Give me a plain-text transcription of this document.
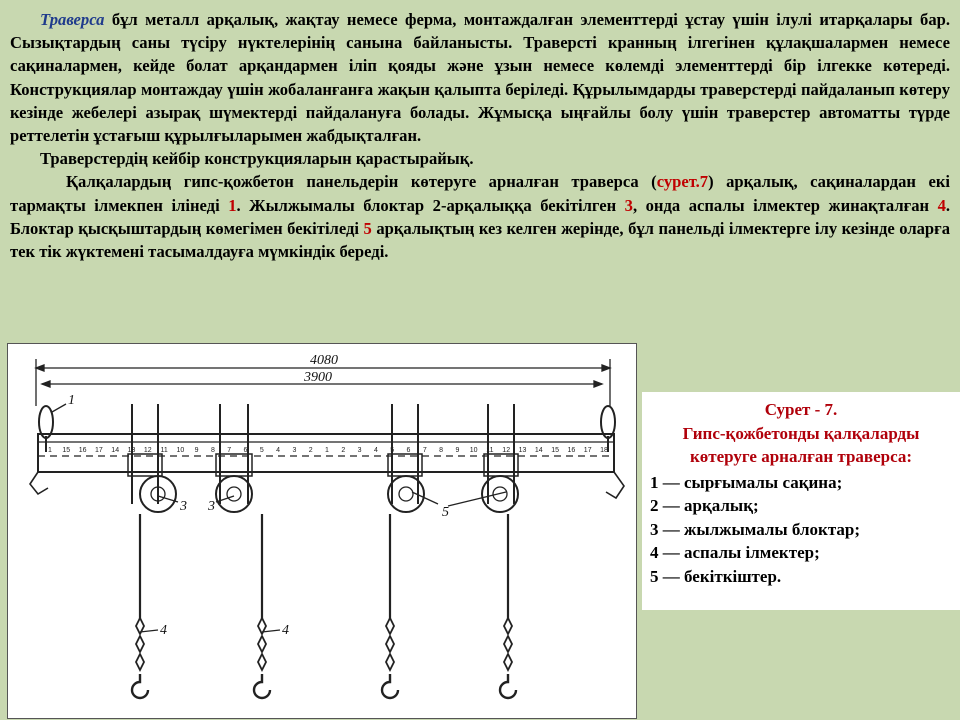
Траверса бұл металл арқалық, жақтау немесе ферма, монтаждалған элементтерді ұстау үшін ілулі итарқалары бар. Сызықтардың саны түсіру нүктелерінің санына байланысты. Траверсті кранның ілгегінен құлақшалармен немесе сақиналармен, кейде болат арқандармен іліп қояды және ұзын немесе көлемді элементтерді бір ілгекке көтереді. Конструкциялар монтаждау үшін жобаланғанға жақын қалыпта беріледі. Құрылымдарды траверстерді пайдаланып көтеру кезінде жебелері азырақ шүмектерді пайдалануға болады. Жұмысқа ыңғайлы болу үшін траверстер автоматты түрде реттелетін ұстағыш құрылғыларымен жабдықталған.

Траверстердің кейбір конструкцияларын қарастырайық.

Қалқалардың гипс-қожбетон панельдерін көтеруге арналған траверса (сурет.7) арқалық, сақиналардан екі тармақты ілмекпен ілінеді 1. Жылжымалы блоктар 2-арқалыққа бекітілген 3, онда аспалы ілмектер жинақталған 4. Блоктар қысқыштардың көмегімен бекітіледі 5 арқалықтың кез келген жерінде, бұл панельді ілмектерге ілу кезінде оларға тек тік жүктемені тасымалдауға мүмкіндік береді.

1 15 16 17 14 13 12 11 10 9 8 7 6 5 4 3 2 1 2 3 4 5 6 7 8 9 10 11 12 13 14 15 16 17 18
4080
3900
1
3 3	5
4	4
Сурет - 7.
Гипс-қожбетонды қалқаларды
көтеруге арналған траверса:
1 — сырғымалы сақина;
2 — арқалық;
3 — жылжымалы блоктар;
4 — аспалы ілмектер;
5 — бекіткіштер.
